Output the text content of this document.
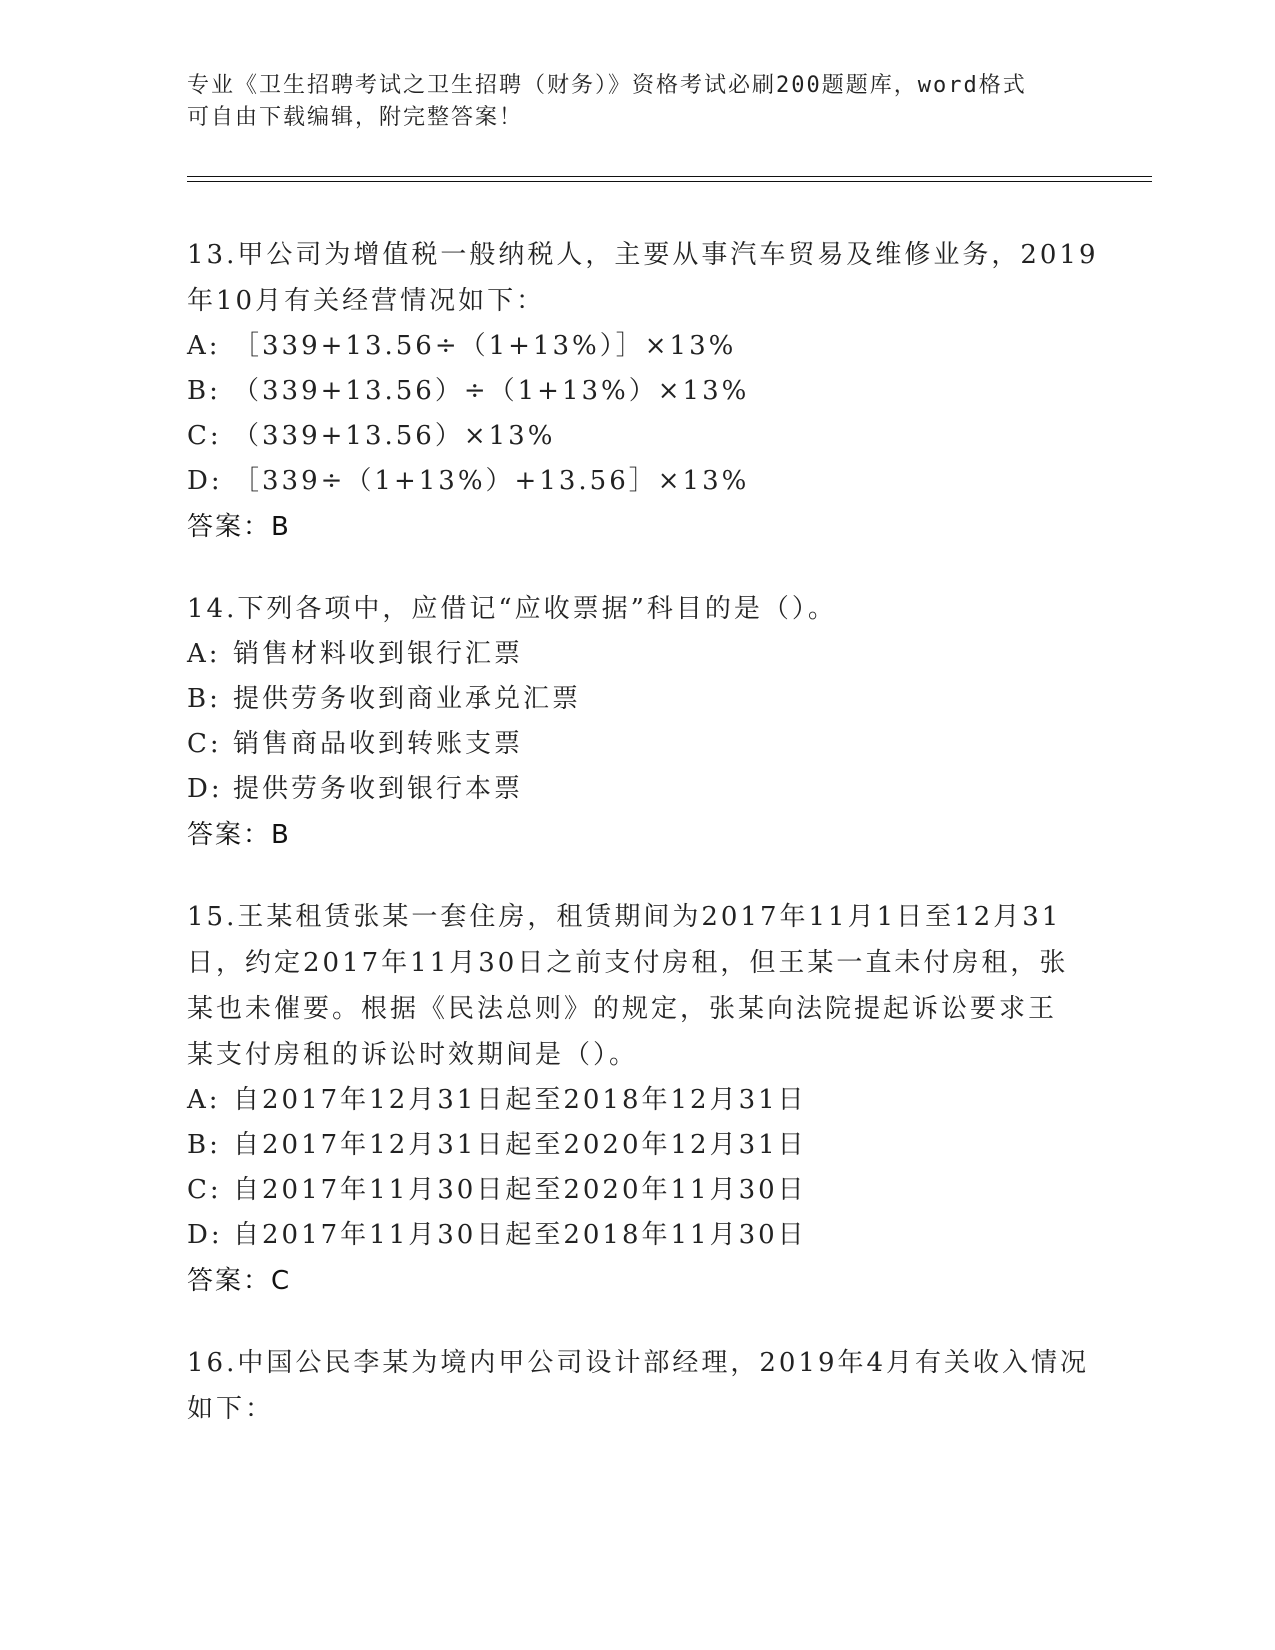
专业《卫生招聘考试之卫生招聘（财务）》资格考试必刷200题题库，word格式
可自由下载编辑，附完整答案！
13.甲公司为增值税一般纳税人，主要从事汽车贸易及维修业务，2019
年10月有关经营情况如下：
A: ［339+13.56÷（1+13%）］×13%
B: （339+13.56）÷（1+13%）×13%
C: （339+13.56）×13%
D: ［339÷（1+13%）+13.56］×13%
答案：B
14.下列各项中，应借记“应收票据”科目的是（）。
A: 销售材料收到银行汇票
B: 提供劳务收到商业承兑汇票
C: 销售商品收到转账支票
D: 提供劳务收到银行本票
答案：B
15.王某租赁张某一套住房，租赁期间为2017年11月1日至12月31
日，约定2017年11月30日之前支付房租，但王某一直未付房租，张
某也未催要。根据《民法总则》的规定，张某向法院提起诉讼要求王
某支付房租的诉讼时效期间是（）。
A: 自2017年12月31日起至2018年12月31日
B: 自2017年12月31日起至2020年12月31日
C: 自2017年11月30日起至2020年11月30日
D: 自2017年11月30日起至2018年11月30日
答案：C
16.中国公民李某为境内甲公司设计部经理，2019年4月有关收入情况
如下：
